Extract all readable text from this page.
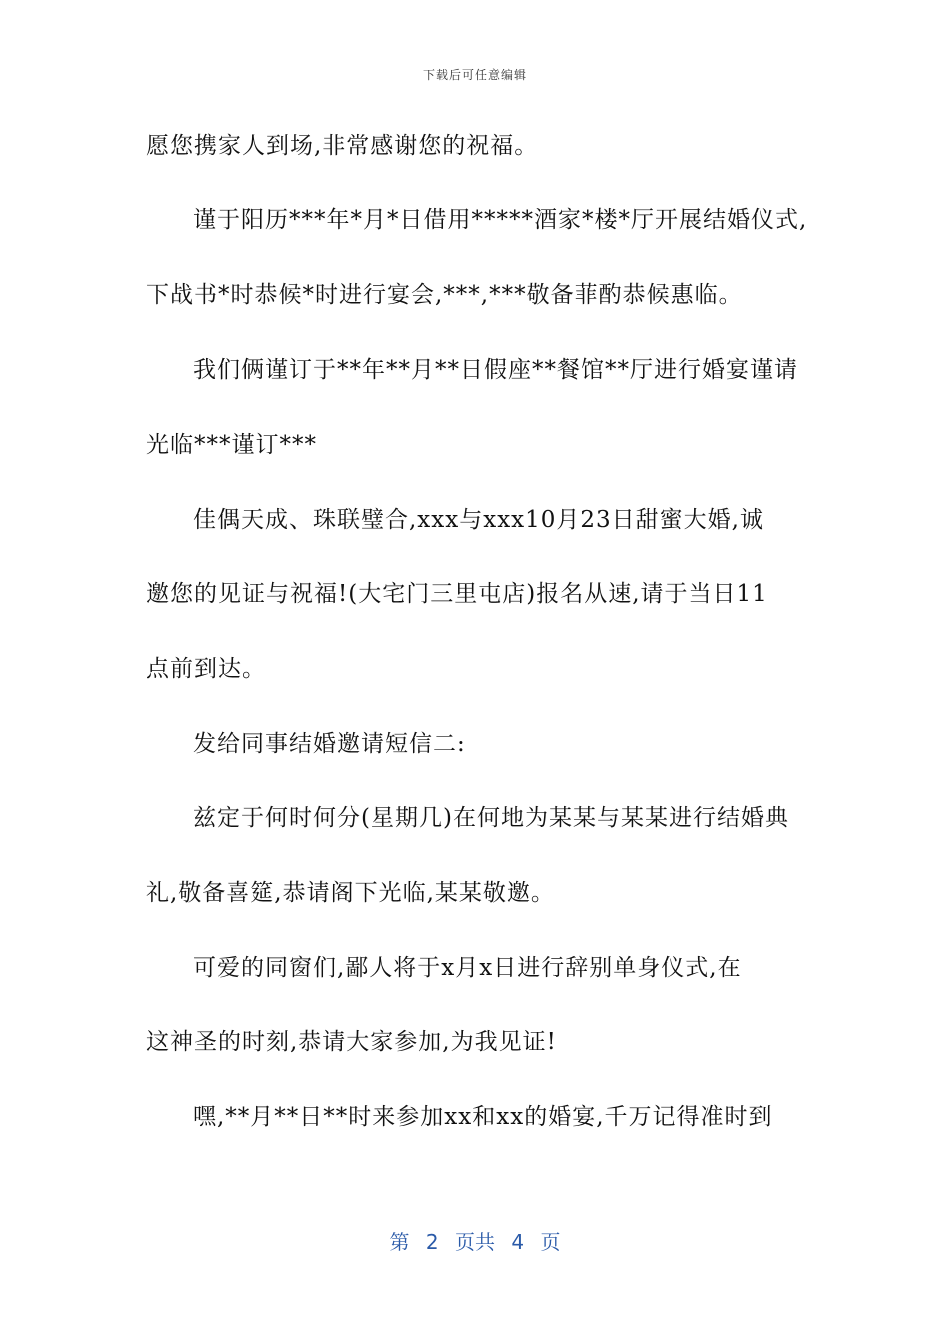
下载后可任意编辑
愿您携家人到场,非常感谢您的祝福。
谨于阳历***年*月*日借用*****酒家*楼*厅开展结婚仪式,
下战书*时恭候*时进行宴会,***,***敬备菲酌恭候惠临。
我们俩谨订于**年**月**日假座**餐馆**厅进行婚宴谨请
光临***谨订***
佳偶天成、珠联璧合,xxx与xxx10月23日甜蜜大婚,诚
邀您的见证与祝福!(大宅门三里屯店)报名从速,请于当日11
点前到达。
发给同事结婚邀请短信二:
兹定于何时何分(星期几)在何地为某某与某某进行结婚典
礼,敬备喜筵,恭请阁下光临,某某敬邀。
可爱的同窗们,鄙人将于x月x日进行辞别单身仪式,在
这神圣的时刻,恭请大家参加,为我见证!
嘿,**月**日**时来参加xx和xx的婚宴,千万记得准时到
第 2 页共 4 页
